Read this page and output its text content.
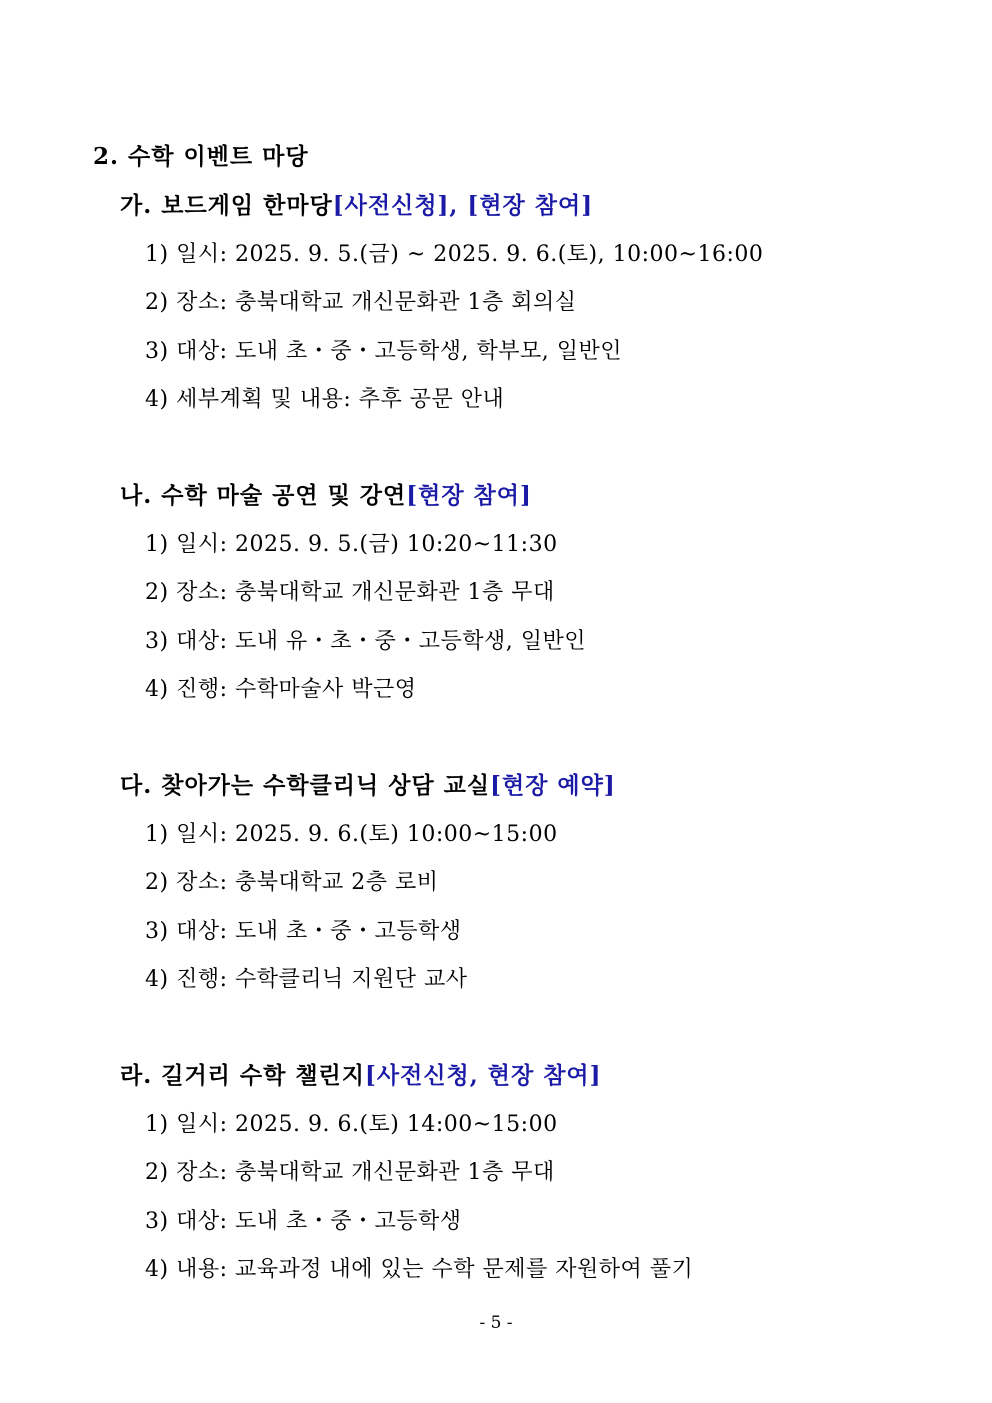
2. 수학 이벤트 마당
가. 보드게임 한마당[사전신청], [현장 참여]
1) 일시: 2025. 9. 5.(금) ~ 2025. 9. 6.(토), 10:00~16:00
2) 장소: 충북대학교 개신문화관 1층 회의실
3) 대상: 도내 초・중・고등학생, 학부모, 일반인
4) 세부계획 및 내용: 추후 공문 안내
나. 수학 마술 공연 및 강연[현장 참여]
1) 일시: 2025. 9. 5.(금) 10:20~11:30
2) 장소: 충북대학교 개신문화관 1층 무대
3) 대상: 도내 유・초・중・고등학생, 일반인
4) 진행: 수학마술사 박근영
다. 찾아가는 수학클리닉 상담 교실[현장 예약]
1) 일시: 2025. 9. 6.(토) 10:00~15:00
2) 장소: 충북대학교 2층 로비
3) 대상: 도내 초・중・고등학생
4) 진행: 수학클리닉 지원단 교사
라. 길거리 수학 챌린지[사전신청, 현장 참여]
1) 일시: 2025. 9. 6.(토) 14:00~15:00
2) 장소: 충북대학교 개신문화관 1층 무대
3) 대상: 도내 초・중・고등학생
4) 내용: 교육과정 내에 있는 수학 문제를 자원하여 풀기
- 5 -
